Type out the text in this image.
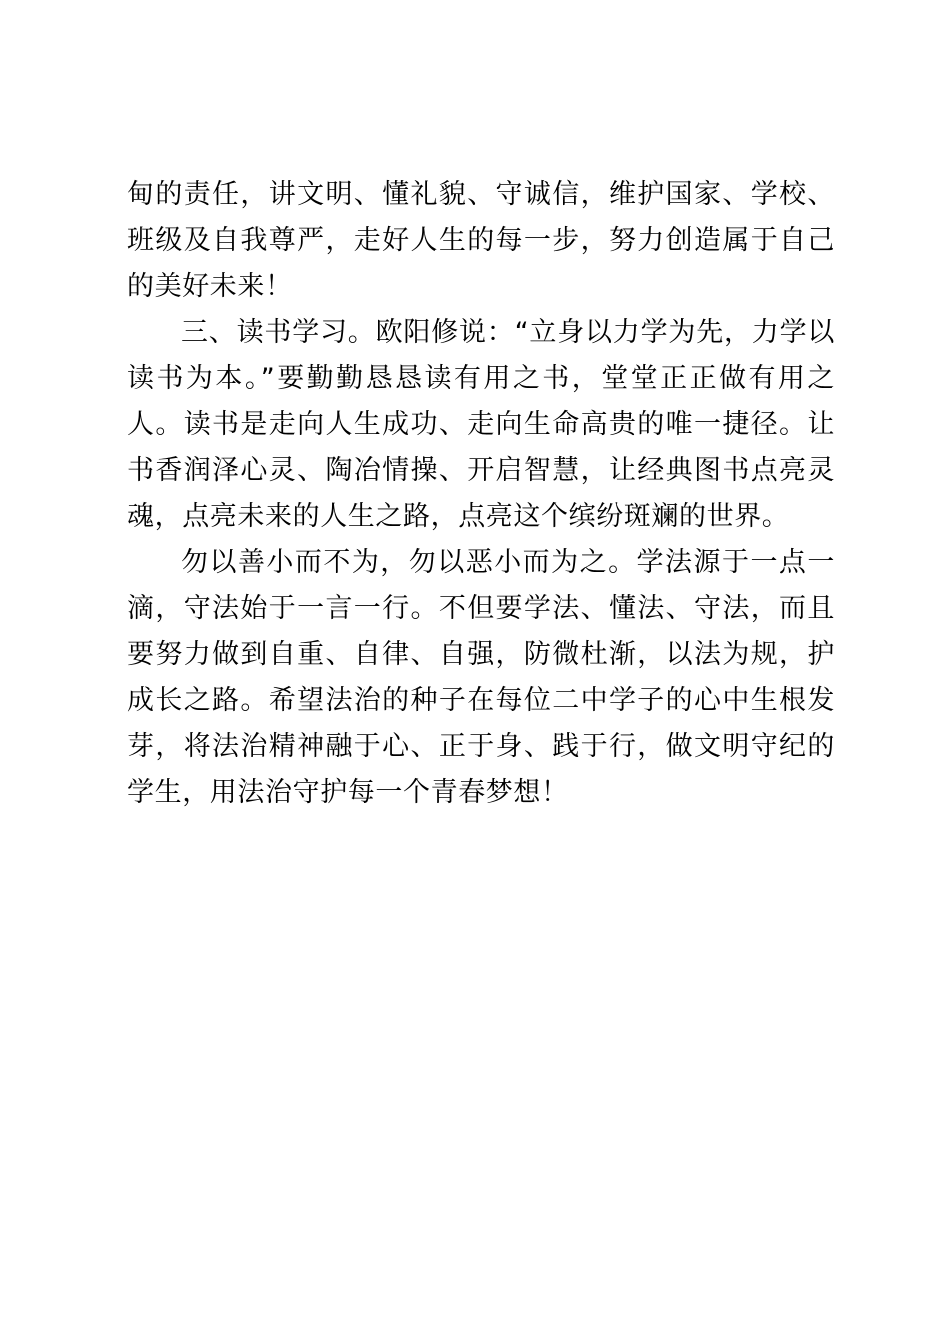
甸的责任，讲文明、懂礼貌、守诚信，维护国家、学校、班级及自我尊严，走好人生的每一步，努力创造属于自己的美好未来！

三、读书学习。欧阳修说：“立身以力学为先，力学以读书为本。”要勤勤恳恳读有用之书，堂堂正正做有用之人。读书是走向人生成功、走向生命高贵的唯一捷径。让书香润泽心灵、陶冶情操、开启智慧，让经典图书点亮灵魂，点亮未来的人生之路，点亮这个缤纷斑斓的世界。

勿以善小而不为，勿以恶小而为之。学法源于一点一滴，守法始于一言一行。不但要学法、懂法、守法，而且要努力做到自重、自律、自强，防微杜渐，以法为规，护成长之路。希望法治的种子在每位二中学子的心中生根发芽，将法治精神融于心、正于身、践于行，做文明守纪的学生，用法治守护每一个青春梦想！
